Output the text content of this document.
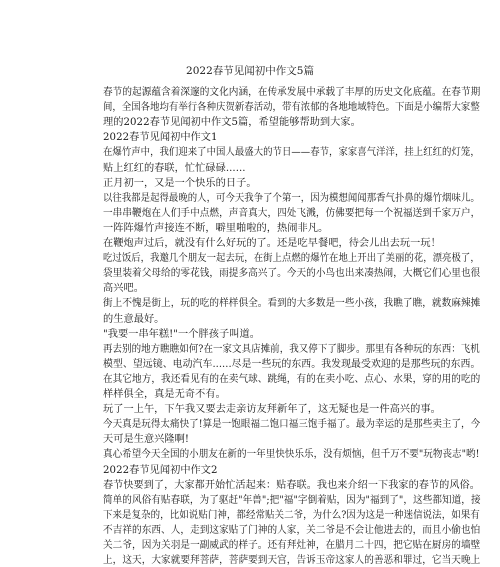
2022春节见闻初中作文5篇
春节的起源蕴含着深邃的文化内涵，在传承发展中承载了丰厚的历史文化底蕴。在春节期
间，全国各地均有举行各种庆贺新春活动，带有浓郁的各地地域特色。下面是小编帮大家整
理的2022春节见闻初中作文5篇，希望能够帮助到大家。
2022春节见闻初中作文1
在爆竹声中，我们迎来了中国人最盛大的节日——春节，家家喜气洋洋，挂上红红的灯笼，
贴上红红的春联，忙忙碌碌......
正月初一，又是一个快乐的日子。
以往我都是起得最晚的人，可今天我争了个第一，因为模想闻闻那香气扑鼻的爆竹烟味儿。
一串串鞭炮在人们手中点燃，声音真大，四处飞溅，仿佛要把每一个祝福送到千家万户，
一阵阵爆竹声接连不断，噼里啪啦的，热闹非凡。
在鞭炮声过后，就没有什么好玩的了。还是吃早餐吧，待会儿出去玩一玩！
吃过饭后，我邀几个朋友一起去玩，在街上点燃的爆竹在地上开出了美丽的花，漂亮极了，
袋里装着父母给的零花钱，雨提多高兴了。今天的小鸟也出来凑热闹，大概它们心里也很
高兴吧。
街上不愧是街上，玩的吃的样样俱全。看到的大多数是一些小孩，我瞧了瞧，就数麻辣摊
的生意最好。
"我要一串年糕!"一个胖孩子叫道。
再去别的地方瞧瞧如何?在一家文具店摊前，我又停下了脚步。那里有各种玩的东西：飞机
模型、望远镜、电动汽车......尽是一些玩的东西。我发现最受欢迎的是那些玩的东西。
在其它地方，我还看见有的在卖气球、跳绳，有的在卖小吃、点心、水果，穿的用的吃的
样样俱全，真是无奇不有。
玩了一上午，下午我又要去走亲访友拜新年了，这无疑也是一件高兴的事。
今天真是玩得太痛快了!算是一饱眼福二饱口福三饱手福了。最为幸运的是那些卖主了，今
天可是生意兴隆啊!
真心希望今天全国的小朋友在新的一年里快快乐乐，没有烦恼，但千万不要"玩物丧志"哟!
2022春节见闻初中作文2
春节快要到了，大家都开始忙活起来：贴春联。我也来介绍一下我家的春节的风俗。
简单的风俗有贴春联，为了驱赶"年兽";把"福"字倒着贴，因为"福到了"，这些都知道，接
下来是复杂的，比如说贴门神，都经常贴关二爷，为什么?因为这是一种迷信说法，如果有
不吉祥的东西、人，走到这家贴了门神的人家，关二爷是不会让他进去的，而且小偷也怕
关二爷，因为关羽是一副威武的样子。还有拜灶神，在腊月二十四，把它贴在厨房的墙壁
上，这天，大家就要拜菩萨，菩萨要到天宫，告诉玉帝这家人的善恶和罪过，它当天晚上
